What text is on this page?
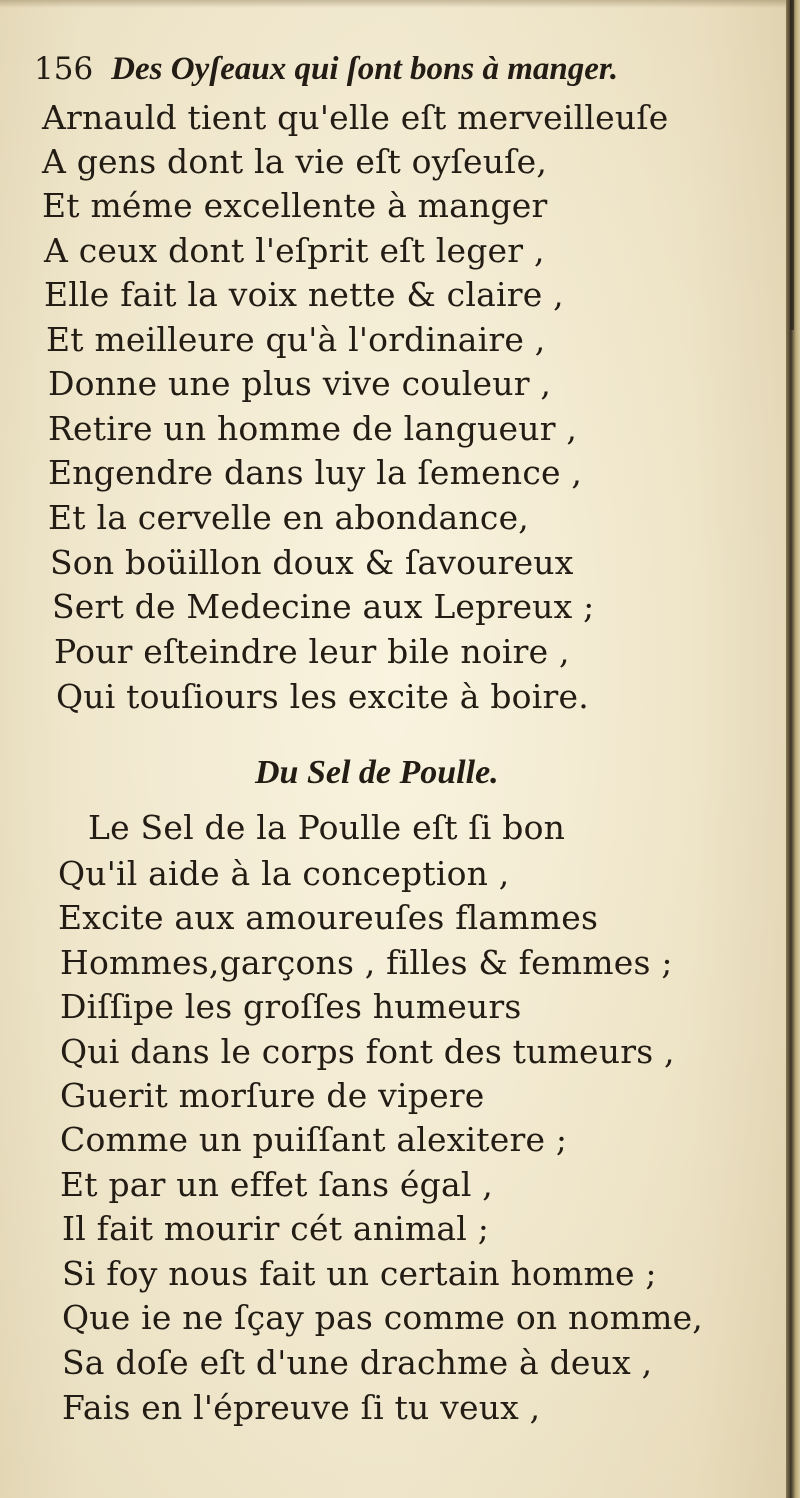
156 Des Oyſeaux qui ſont bons à manger.
Arnauld tient qu'elle eſt merveilleuſe
A gens dont la vie eſt oyſeuſe,
Et méme excellente à manger
A ceux dont l'eſprit eſt leger ,
Elle fait la voix nette & claire ,
Et meilleure qu'à l'ordinaire ,
Donne une plus vive couleur ,
Retire un homme de langueur ,
Engendre dans luy la ſemence ,
Et la cervelle en abondance,
Son boüillon doux & ſavoureux
Sert de Medecine aux Lepreux ;
Pour eſteindre leur bile noire ,
Qui touſiours les excite à boire.
Du Sel de Poulle.
Le Sel de la Poulle eſt ſi bon
Qu'il aide à la conception ,
Excite aux amoureuſes flammes
Hommes,garçons , filles & femmes ;
Diſſipe les groſſes humeurs
Qui dans le corps font des tumeurs ,
Guerit morſure de vipere
Comme un puiſſant alexitere ;
Et par un effet ſans égal ,
Il fait mourir cét animal ;
Si foy nous fait un certain homme ;
Que ie ne ſçay pas comme on nomme,
Sa doſe eſt d'une drachme à deux ,
Fais en l'épreuve ſi tu veux ,
